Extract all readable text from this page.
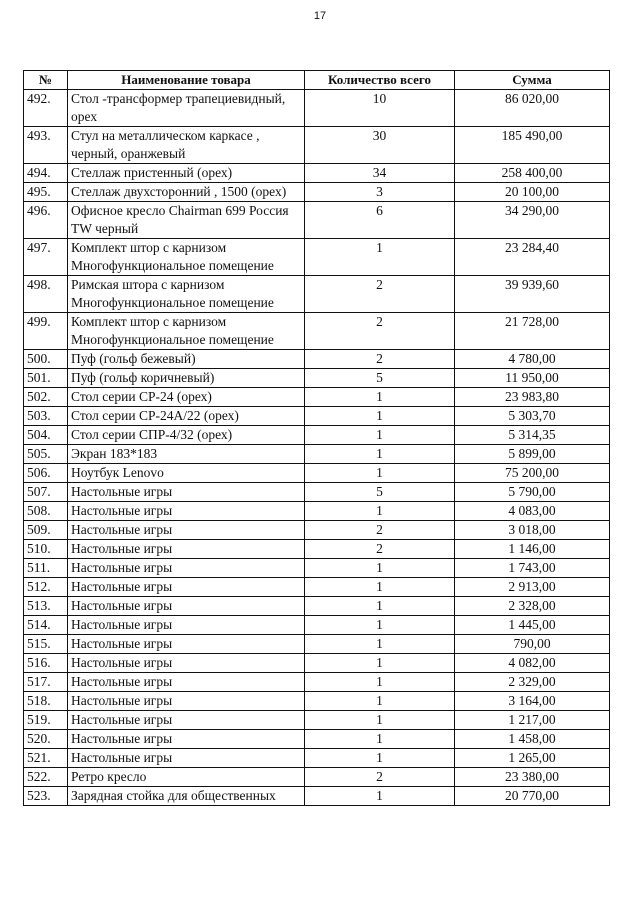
17
№	Наименование товара	Количество всего	Сумма
492.	Стол -трансформер трапециевидный, орех	10	86 020,00
493.	Стул на металлическом каркасе , черный, оранжевый	30	185 490,00
494.	Стеллаж пристенный (орех)	34	258 400,00
495.	Стеллаж двухсторонний , 1500 (орех)	3	20 100,00
496.	Офисное кресло Chairman 699 Россия TW черный	6	34 290,00
497.	Комплект штор с карнизом Многофункциональное помещение	1	23 284,40
498.	Римская штора с карнизом Многофункциональное помещение	2	39 939,60
499.	Комплект штор с карнизом Многофункциональное помещение	2	21 728,00
500.	Пуф (гольф бежевый)	2	4 780,00
501.	Пуф (гольф коричневый)	5	11 950,00
502.	Стол серии СР-24 (орех)	1	23 983,80
503.	Стол серии СР-24А/22 (орех)	1	5 303,70
504.	Стол серии СПР-4/32 (орех)	1	5 314,35
505.	Экран 183*183	1	5 899,00
506.	Ноутбук Lenovo	1	75 200,00
507.	Настольные игры	5	5 790,00
508.	Настольные игры	1	4 083,00
509.	Настольные игры	2	3 018,00
510.	Настольные игры	2	1 146,00
511.	Настольные игры	1	1 743,00
512.	Настольные игры	1	2 913,00
513.	Настольные игры	1	2 328,00
514.	Настольные игры	1	1 445,00
515.	Настольные игры	1	790,00
516.	Настольные игры	1	4 082,00
517.	Настольные игры	1	2 329,00
518.	Настольные игры	1	3 164,00
519.	Настольные игры	1	1 217,00
520.	Настольные игры	1	1 458,00
521.	Настольные игры	1	1 265,00
522.	Ретро кресло	2	23 380,00
523.	Зарядная стойка для общественных	1	20 770,00
